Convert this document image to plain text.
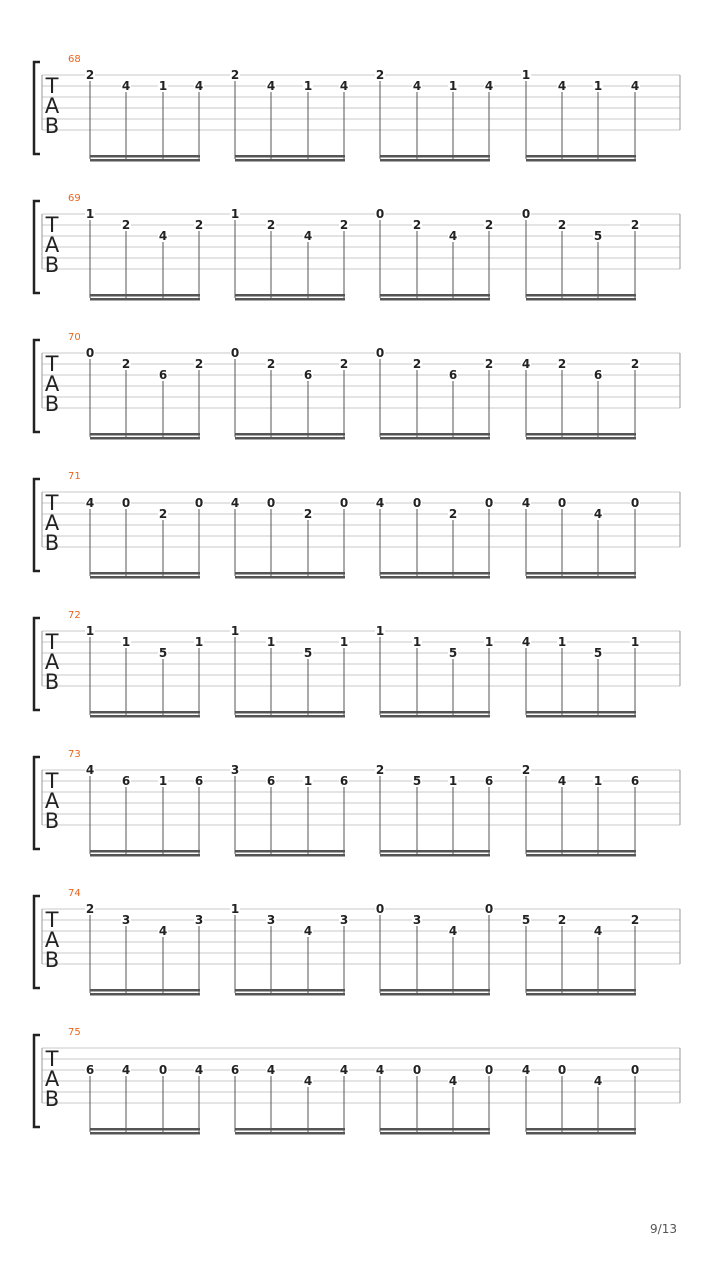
68
T
A
B
2
4 1 4
2
4 1 4
2
4 1 4
1
4 1 4
69
T
A
B
1
2
4
2
1
2
4
2
0
2
4
2
0
2
5
2
70
T
A
B
0
2
6
2
0
2
6
2
0
2
6
2 4 2
6
2
71
T
A
B
4 0
2
0 4 0
2
0 4 0
2
0 4 0
4
0
72
T
A
B
1
1
5
1
1
1
5
1
1
1
5
1 4 1
5
1
73
T
A
B
4
6 1 6
3
6 1 6
2
5 1 6
2
4 1 6
74
T
A
B
2
3
4
3
1
3
4
3
0
3
4
0
5 2
4
2
75
T
A
B
6 4 0 4 6 4
4
4 4 0
4
0 4 0
4
0
9/13
